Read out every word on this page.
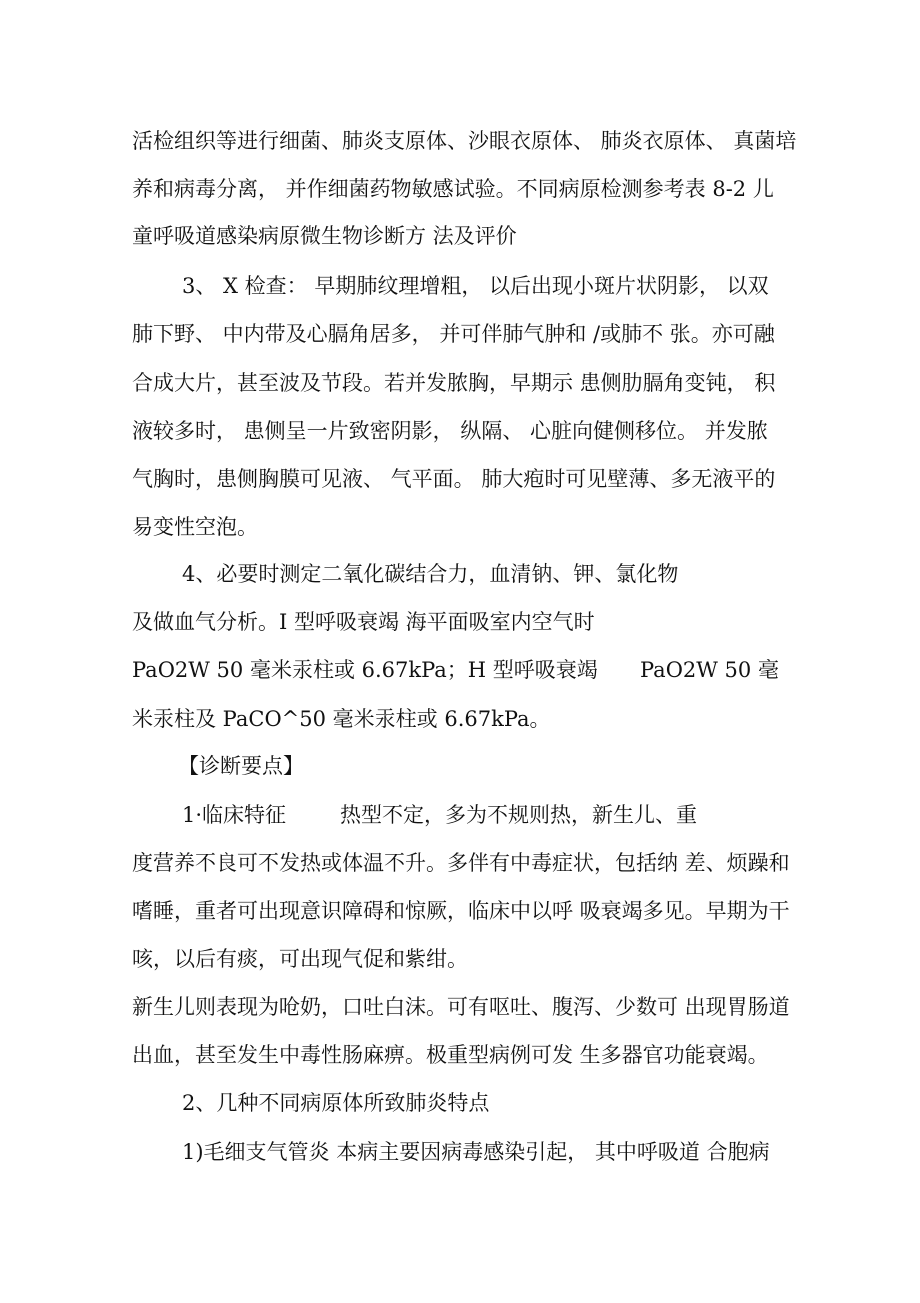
活检组织等进行细菌、肺炎支原体、沙眼衣原体、 肺炎衣原体、 真菌培
养和病毒分离， 并作细菌药物敏感试验。不同病原检测参考表 8-2 儿
童呼吸道感染病原微生物诊断方 法及评价
3、 X 检查： 早期肺纹理增粗， 以后出现小斑片状阴影， 以双
肺下野、 中内带及心膈角居多， 并可伴肺气肿和 /或肺不 张。亦可融
合成大片，甚至波及节段。若并发脓胸，早期示 患侧肋膈角变钝， 积
液较多时， 患侧呈一片致密阴影， 纵隔、 心脏向健侧移位。 并发脓
气胸时，患侧胸膜可见液、 气平面。 肺大疱时可见壁薄、多无液平的
易变性空泡。
4、必要时测定二氧化碳结合力，血清钠、钾、氯化物
及做血气分析。I 型呼吸衰竭 海平面吸室内空气时
PaO2W 50 毫米汞柱或 6.67kPa；H 型呼吸衰竭 PaO2W 50 毫
米汞柱及 PaCO^50 毫米汞柱或 6.67kPa。
【诊断要点】
1·临床特征	热型不定，多为不规则热，新生儿、重
度营养不良可不发热或体温不升。多伴有中毒症状，包括纳 差、烦躁和
嗜睡，重者可出现意识障碍和惊厥，临床中以呼 吸衰竭多见。早期为干
咳，以后有痰，可出现气促和紫绀。
新生儿则表现为呛奶，口吐白沫。可有呕吐、腹泻、少数可 出现胃肠道
出血，甚至发生中毒性肠麻痹。极重型病例可发 生多器官功能衰竭。
2、几种不同病原体所致肺炎特点
1)毛细支气管炎 本病主要因病毒感染引起， 其中呼吸道 合胞病
